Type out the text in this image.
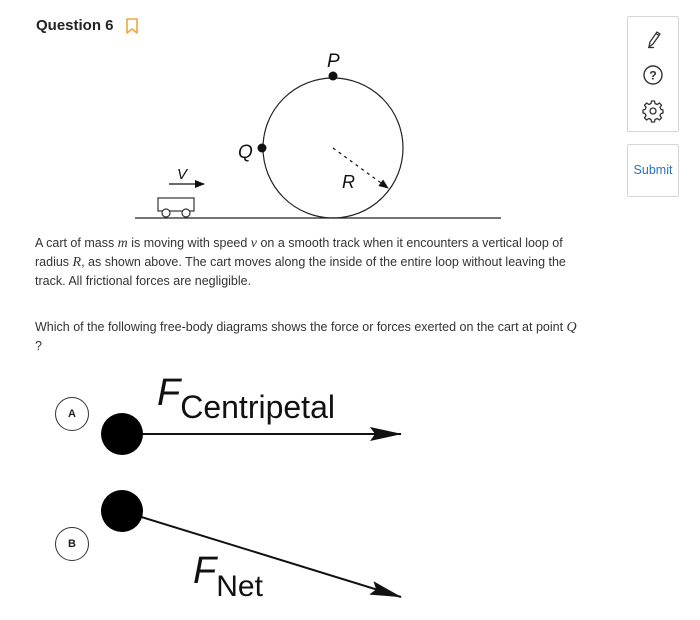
Question 6
?
Submit
P
Q
R
V
A cart of mass m is moving with speed v on a smooth track when it encounters a vertical loop of radius R, as shown above. The cart moves along the inside of the entire loop without leaving the track. All frictional forces are negligible.
Which of the following free-body diagrams shows the force or forces exerted on the cart at point Q
?
A
B
FCentripetal
FNet
